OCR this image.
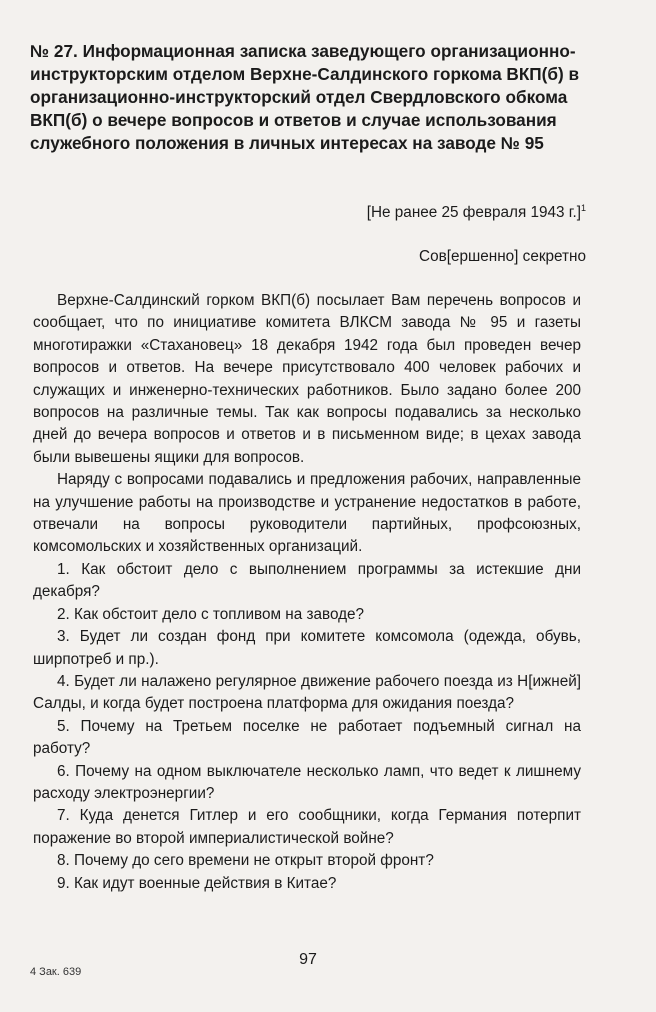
№ 27. Информационная записка заведующего организационно-инструкторским отделом Верхне-Салдинского горкома ВКП(б) в организационно-инструкторский отдел Свердловского обкома ВКП(б) о вечере вопросов и ответов и случае использования служебного положения в личных интересах на заводе № 95
[Не ранее 25 февраля 1943 г.]$^1$
Сов[ершенно] секретно

Верхне-Салдинский горком ВКП(б) посылает Вам перечень вопросов и сообщает, что по инициативе комитета ВЛКСМ завода № 95 и газеты многотиражки «Стахановец» 18 декабря 1942 года был проведен вечер вопросов и ответов. На вечере присутствовало 400 человек рабочих и служащих и инженерно-технических работников. Было задано более 200 вопросов на различные темы. Так как вопросы подавались за несколько дней до вечера вопросов и ответов и в письменном виде; в цехах завода были вывешены ящики для вопросов.

Наряду с вопросами подавались и предложения рабочих, направленные на улучшение работы на производстве и устранение недостатков в работе, отвечали на вопросы руководители партийных, профсоюзных, комсомольских и хозяйственных организаций.

1. Как обстоит дело с выполнением программы за истекшие дни декабря?

2. Как обстоит дело с топливом на заводе?

3. Будет ли создан фонд при комитете комсомола (одежда, обувь, ширпотреб и пр.).

4. Будет ли налажено регулярное движение рабочего поезда из Н[ижней] Салды, и когда будет построена платформа для ожидания поезда?

5. Почему на Третьем поселке не работает подъемный сигнал на работу?

6. Почему на одном выключателе несколько ламп, что ведет к лишнему расходу электроэнергии?

7. Куда денется Гитлер и его сообщники, когда Германия потерпит поражение во второй империалистической войне?

8. Почему до сего времени не открыт второй фронт?

9. Как идут военные действия в Китае?

97
4 Зак. 639
